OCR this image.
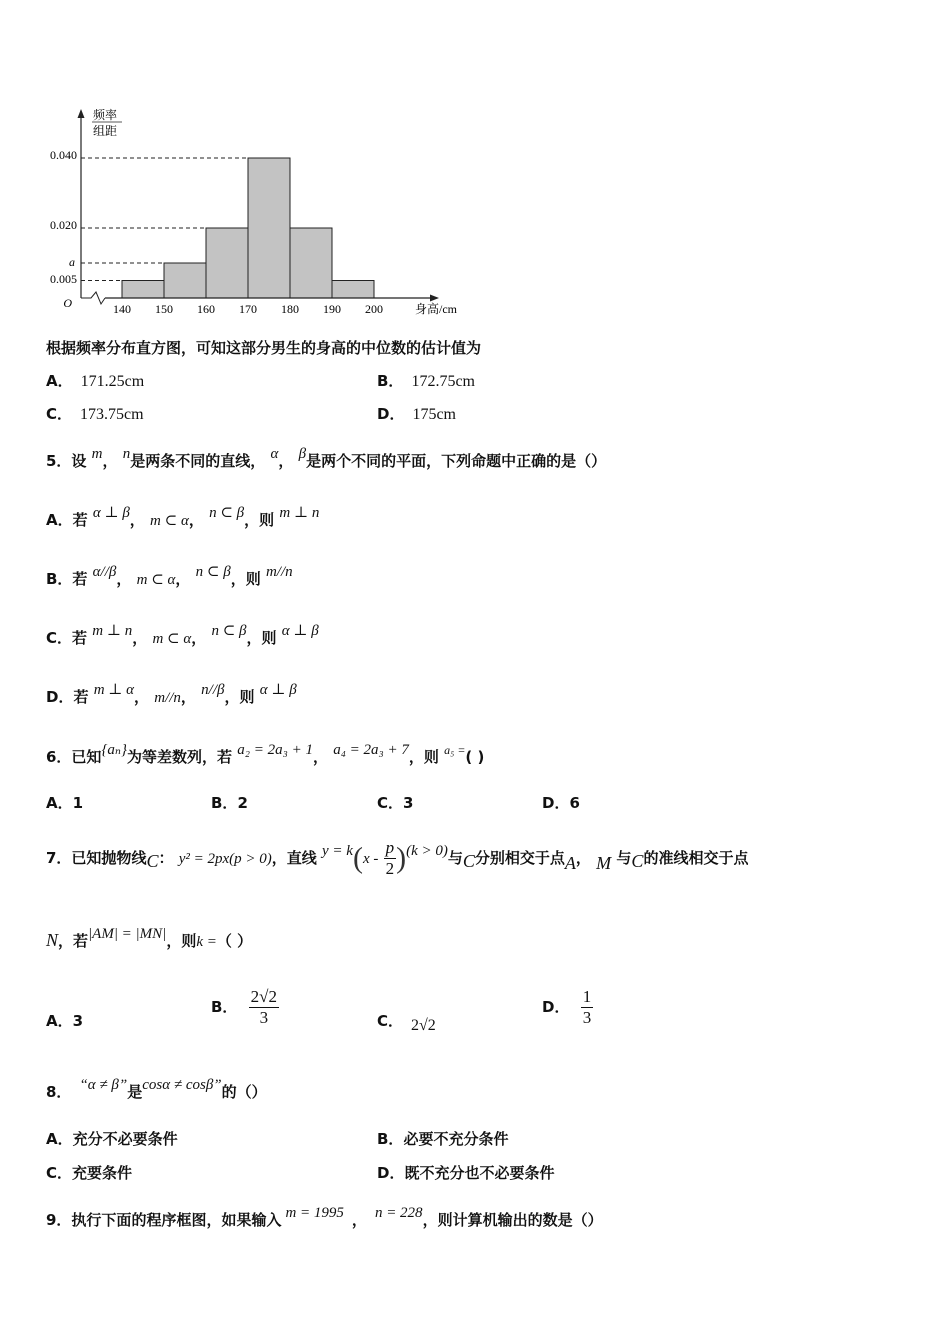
频率
组距
0.040
0.020
a
0.005
O	140 150 160 170 180 190 200	身高/cm
根据频率分布直方图，可知这部分男生的身高的中位数的估计值为
A． 171.25cm	B． 172.75cm
C． 173.75cm	D． 175cm
5．设 m， n是两条不同的直线， α， β是两个不同的平面，下列命题中正确的是（）
A．若 α ⊥ β， m ⊂ α， n ⊂ β，则 m ⊥ n
B．若 α//β， m ⊂ α， n ⊂ β，则 m//n
C．若 m ⊥ n， m ⊂ α， n ⊂ β，则 α ⊥ β
D．若 m ⊥ α， m//n， n//β，则 α ⊥ β
6．已知{aₙ}为等差数列，若 a₂ = 2a₃ + 1， a₄ = 2a₃ + 7，则 $^{a_5 =}$( )
A．1	B．2	C．3	D．6
7．已知抛物线C： y² = 2px(p > 0)，直线 $y = k(x - \frac{p}{2} )(k > 0)$与C分别相交于点A， M 与C的准线相交于点
N，若|AM| = |MN|，则k =（ ）
A．3
B． $\frac{2√2}{3}$	C． 2√2
D． $\frac{1}{3}$
8． “α ≠ β”是cosα ≠ cosβ”的（）
A．充分不必要条件	B．必要不充分条件
C．充要条件	D．既不充分也不必要条件
9．执行下面的程序框图，如果输入 m = 1995 ， n = 228，则计算机输出的数是（）
